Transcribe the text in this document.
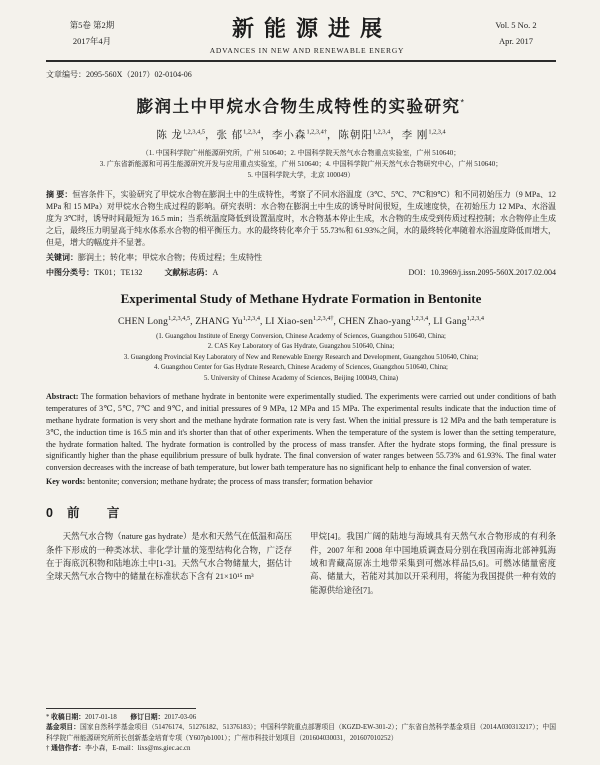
第5卷 第2期
2017年4月	新能源进展
ADVANCES IN NEW AND RENEWABLE ENERGY
Vol. 5 No. 2
Apr. 2017
文章编号：2095-560X（2017）02-0104-06
膨润土中甲烷水合物生成特性的实验研究*
陈 龙$^{1,2,3,4,5}$，张 郁$^{1,2,3,4}$，李小森$^{1,2,3,4\dagger}$，陈朝阳$^{1,2,3,4}$，李 刚$^{1,2,3,4}$
（1. 中国科学院广州能源研究所，广州 510640；2. 中国科学院天然气水合物重点实验室，广州 510640；
3. 广东省新能源和可再生能源研究开发与应用重点实验室，广州 510640；4. 中国科学院广州天然气水合物研究中心，广州 510640；
5. 中国科学院大学，北京 100049）
摘 要：恒容条件下，实验研究了甲烷水合物在膨润土中的生成特性，考察了不同水浴温度（3℃、5℃、7℃和9℃）和不同初始压力（9 MPa、12 MPa 和 15 MPa）对甲烷水合物生成过程的影响。研究表明：水合物在膨润土中生成的诱导时间很短，生成速度快，在初始压力 12 MPa、水浴温度为 3℃时，诱导时间最短为 16.5 min；当系统温度降低到设置温度时，水合物基本停止生成，水合物的生成受到传质过程控制；水合物停止生成之后，最终压力明显高于纯水体系水合物的相平衡压力。水的最终转化率介于 55.73%和 61.93%之间，水的最终转化率随着水浴温度降低而增大，但是，增大的幅度并不显著。
关键词：膨润土；转化率；甲烷水合物；传质过程；生成特性
中图分类号：TK01；TE132	文献标志码：A	DOI：10.3969/j.issn.2095-560X.2017.02.004
Experimental Study of Methane Hydrate Formation in Bentonite
CHEN Long$^{1,2,3,4,5}$, ZHANG Yu$^{1,2,3,4}$, LI Xiao-sen$^{1,2,3,4\dagger}$, CHEN Zhao-yang$^{1,2,3,4}$, LI Gang$^{1,2,3,4}$
(1. Guangzhou Institute of Energy Conversion, Chinese Academy of Sciences, Guangzhou 510640, China;
2. CAS Key Laboratory of Gas Hydrate, Guangzhou 510640, China;
3. Guangdong Provincial Key Laboratory of New and Renewable Energy Research and Development, Guangzhou 510640, China;
4. Guangzhou Center for Gas Hydrate Research, Chinese Academy of Sciences, Guangzhou 510640, China;
5. University of Chinese Academy of Sciences, Beijing 100049, China)
Abstract: The formation behaviors of methane hydrate in bentonite were experimentally studied. The experiments were carried out under conditions of bath temperatures of 3℃, 5℃, 7℃ and 9℃, and initial pressures of 9 MPa, 12 MPa and 15 MPa. The experimental results indicate that the induction time of methane hydrate formation is very short and the methane hydrate formation rate is very fast. When the initial pressure is 12 MPa and the bath temperature is 3℃, the induction time is 16.5 min and it's shorter than that of other experiments. When the temperature of the system is lower than the setting temperature, the hydrate formation halted. The hydrate formation is controlled by the process of mass transfer. After the hydrate stops forming, the final pressure is significantly higher than the phase equilibrium pressure of bulk hydrate. The final conversion of water ranges between 55.73% and 61.93%. The final water conversion decreases with the increase of bath temperature, but lower bath temperature has no significant help to enhance the final conversion of water.
Key words: bentonite; conversion; methane hydrate; the process of mass transfer; formation behavior
0 前 言

天然气水合物（nature gas hydrate）是水和天然气在低温和高压条件下形成的一种类冰状、非化学计量的笼型结构化合物，广泛存在于海底沉积物和陆地冻土中[1-3]。天然气水合物储量大，据估计全球天然气水合物中的储量在标准状态下含有 21×10¹⁵ m³

甲烷[4]。我国广阔的陆地与海域具有天然气水合物形成的有利条件，2007 年和 2008 年中国地质调查局分别在我国南海北部神狐海域和青藏高原冻土地带采集到可燃冰样品[5,6]。可燃冰储量密度高、储量大，若能对其加以开采利用，将能为我国提供一种有效的能源供给途径[7]。

* 收稿日期：2017-01-18　　修订日期：2017-03-06
基金项目：国家自然科学基金项目（51476174、51276182、51376183）；中国科学院重点部署项目（KGZD-EW-301-2）；广东省自然科学基金项目（2014A030313217）；中国科学院广州能源研究所所长创新基金培育专项（Y607pb1001）；广州市科技计划项目（201604030031，201607010252）
† 通信作者：李小森，E-mail：lixs@ms.giec.ac.cn
